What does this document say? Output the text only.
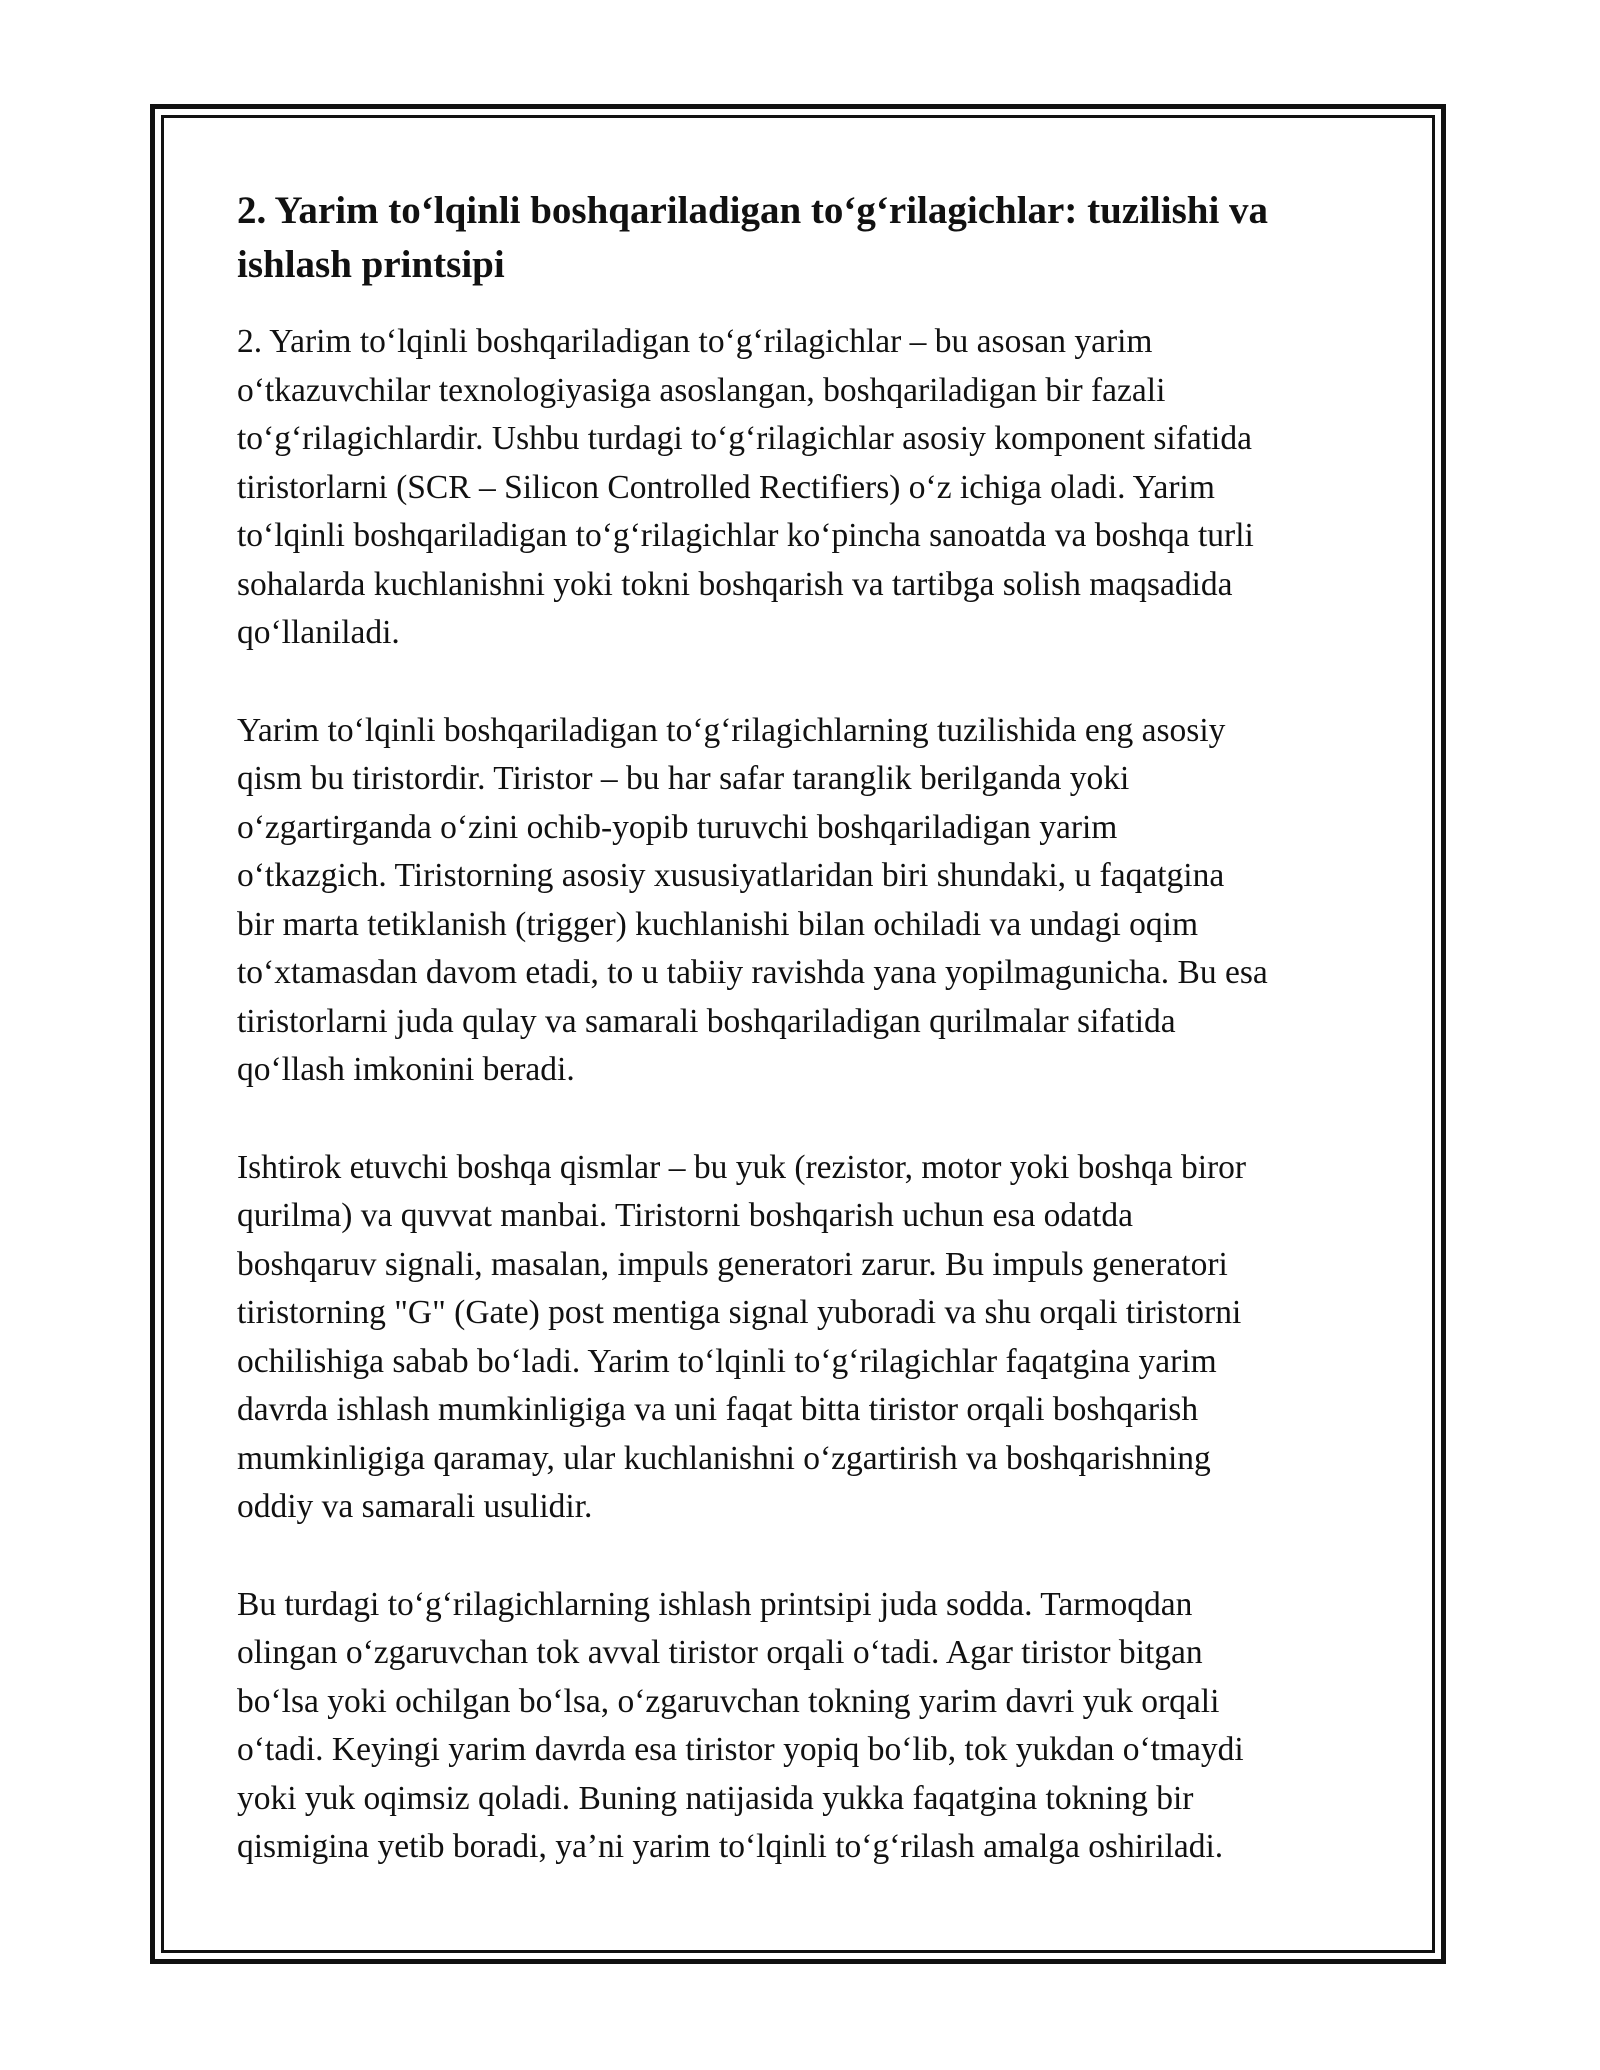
2. Yarim to‘lqinli boshqariladigan to‘g‘rilagichlar: tuzilishi va
ishlash printsipi

2. Yarim to‘lqinli boshqariladigan to‘g‘rilagichlar – bu asosan yarim
o‘tkazuvchilar texnologiyasiga asoslangan, boshqariladigan bir fazali
to‘g‘rilagichlardir. Ushbu turdagi to‘g‘rilagichlar asosiy komponent sifatida
tiristorlarni (SCR – Silicon Controlled Rectifiers) o‘z ichiga oladi. Yarim
to‘lqinli boshqariladigan to‘g‘rilagichlar ko‘pincha sanoatda va boshqa turli
sohalarda kuchlanishni yoki tokni boshqarish va tartibga solish maqsadida
qo‘llaniladi.

Yarim to‘lqinli boshqariladigan to‘g‘rilagichlarning tuzilishida eng asosiy
qism bu tiristordir. Tiristor – bu har safar taranglik berilganda yoki
o‘zgartirganda o‘zini ochib-yopib turuvchi boshqariladigan yarim
o‘tkazgich. Tiristorning asosiy xususiyatlaridan biri shundaki, u faqatgina
bir marta tetiklanish (trigger) kuchlanishi bilan ochiladi va undagi oqim
to‘xtamasdan davom etadi, to u tabiiy ravishda yana yopilmagunicha. Bu esa
tiristorlarni juda qulay va samarali boshqariladigan qurilmalar sifatida
qo‘llash imkonini beradi.

Ishtirok etuvchi boshqa qismlar – bu yuk (rezistor, motor yoki boshqa biror
qurilma) va quvvat manbai. Tiristorni boshqarish uchun esa odatda
boshqaruv signali, masalan, impuls generatori zarur. Bu impuls generatori
tiristorning "G" (Gate) post mentiga signal yuboradi va shu orqali tiristorni
ochilishiga sabab bo‘ladi. Yarim to‘lqinli to‘g‘rilagichlar faqatgina yarim
davrda ishlash mumkinligiga va uni faqat bitta tiristor orqali boshqarish
mumkinligiga qaramay, ular kuchlanishni o‘zgartirish va boshqarishning
oddiy va samarali usulidir.

Bu turdagi to‘g‘rilagichlarning ishlash printsipi juda sodda. Tarmoqdan
olingan o‘zgaruvchan tok avval tiristor orqali o‘tadi. Agar tiristor bitgan
bo‘lsa yoki ochilgan bo‘lsa, o‘zgaruvchan tokning yarim davri yuk orqali
o‘tadi. Keyingi yarim davrda esa tiristor yopiq bo‘lib, tok yukdan o‘tmaydi
yoki yuk oqimsiz qoladi. Buning natijasida yukka faqatgina tokning bir
qismigina yetib boradi, ya’ni yarim to‘lqinli to‘g‘rilash amalga oshiriladi.
